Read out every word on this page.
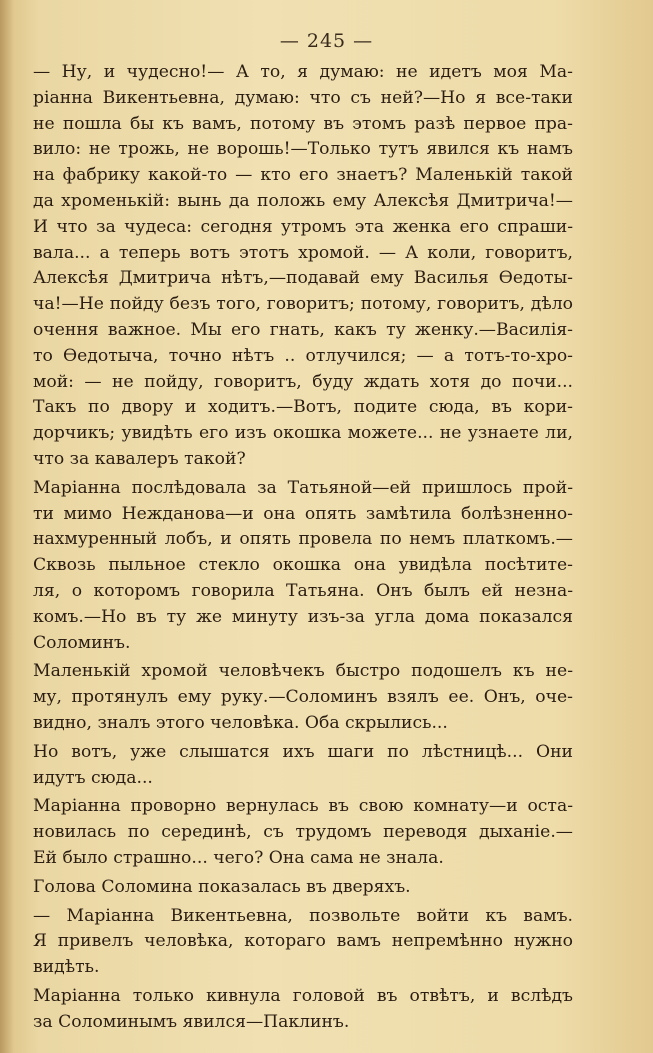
— 245 —
— Ну, и чудесно!— А то, я думаю: не идетъ моя Ма-
ріанна Викентьевна, думаю: что съ ней?—Но я все-таки
не пошла бы къ вамъ, потому въ этомъ разѣ первое пра-
вило: не трожь, не ворошь!—Только тутъ явился къ намъ
на фабрику какой-то — кто его знаетъ? Маленькій такой
да хроменькій: вынь да положь ему Алексѣя Дмитрича!—
И что за чудеса: сегодня утромъ эта женка его спраши-
вала... а теперь вотъ этотъ хромой. — А коли, говоритъ,
Алексѣя Дмитрича нѣтъ,—подавай ему Василья Ѳедоты-
ча!—Не пойду безъ того, говоритъ; потому, говоритъ, дѣло
очення важное. Мы его гнать, какъ ту женку.—Василія-
то Ѳедотыча, точно нѣтъ .. отлучился; — а тотъ-то-хро-
мой: — не пойду, говоритъ, буду ждать хотя до почи...
Такъ по двору и ходитъ.—Вотъ, подите сюда, въ кори-
дорчикъ; увидѣть его изъ окошка можете... не узнаете ли,
что за кавалеръ такой?
Маріанна послѣдовала за Татьяной—ей пришлось прой-
ти мимо Нежданова—и она опять замѣтила болѣзненно-
нахмуренный лобъ, и опять провела по немъ платкомъ.—
Сквозь пыльное стекло окошка она увидѣла посѣтите-
ля, о которомъ говорила Татьяна. Онъ былъ ей незна-
комъ.—Но въ ту же минуту изъ-за угла дома показался
Соломинъ.
Маленькій хромой человѣчекъ быстро подошелъ къ не-
му, протянулъ ему руку.—Соломинъ взялъ ее. Онъ, оче-
видно, зналъ этого человѣка. Оба скрылись...
Но вотъ, уже слышатся ихъ шаги по лѣстницѣ... Они
идутъ сюда...
Маріанна проворно вернулась въ свою комнату—и оста-
новилась по серединѣ, съ трудомъ переводя дыханіе.—
Ей было страшно... чего? Она сама не знала.
Голова Соломина показалась въ дверяхъ.
— Маріанна Викентьевна, позвольте войти къ вамъ.
Я привелъ человѣка, котораго вамъ непремѣнно нужно
видѣть.
Маріанна только кивнула головой въ отвѣтъ, и вслѣдъ
за Соломинымъ явился—Паклинъ.
